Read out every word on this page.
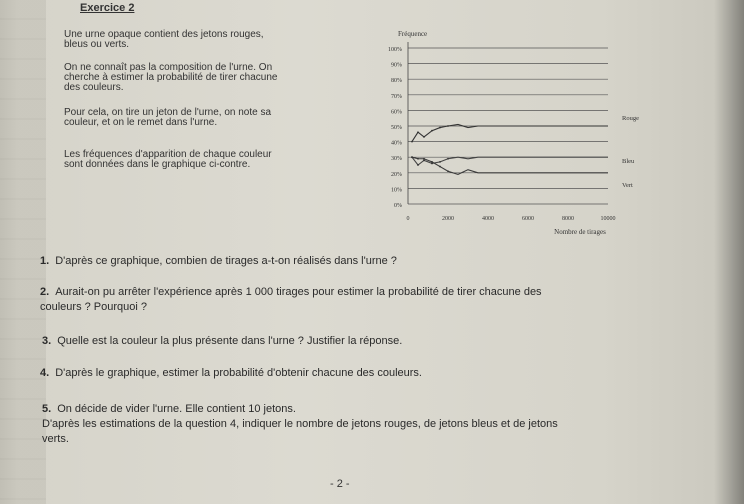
Exercice 2
Une urne opaque contient des jetons rouges,
bleus ou verts.
On ne connaît pas la composition de l'urne. On
cherche à estimer la probabilité de tirer chacune
des couleurs.
Pour cela, on tire un jeton de l'urne, on note sa
couleur, et on le remet dans l'urne.
Les fréquences d'apparition de chaque couleur
sont données dans le graphique ci-contre.
0%
10%
20%
30%
40%
50%
60%
70%
80%
90%
100%
0	2000	4000	6000	8000	10000
Fréquence
Nombre de tirages
Rouge
Bleu
Vert
1. D'après ce graphique, combien de tirages a-t-on réalisés dans l'urne ?
2. Aurait-on pu arrêter l'expérience après 1 000 tirages pour estimer la probabilité de tirer chacune des
couleurs ? Pourquoi ?
3. Quelle est la couleur la plus présente dans l'urne ? Justifier la réponse.
4. D'après le graphique, estimer la probabilité d'obtenir chacune des couleurs.
5. On décide de vider l'urne. Elle contient 10 jetons.
D'après les estimations de la question 4, indiquer le nombre de jetons rouges, de jetons bleus et de jetons
verts.
- 2 -
